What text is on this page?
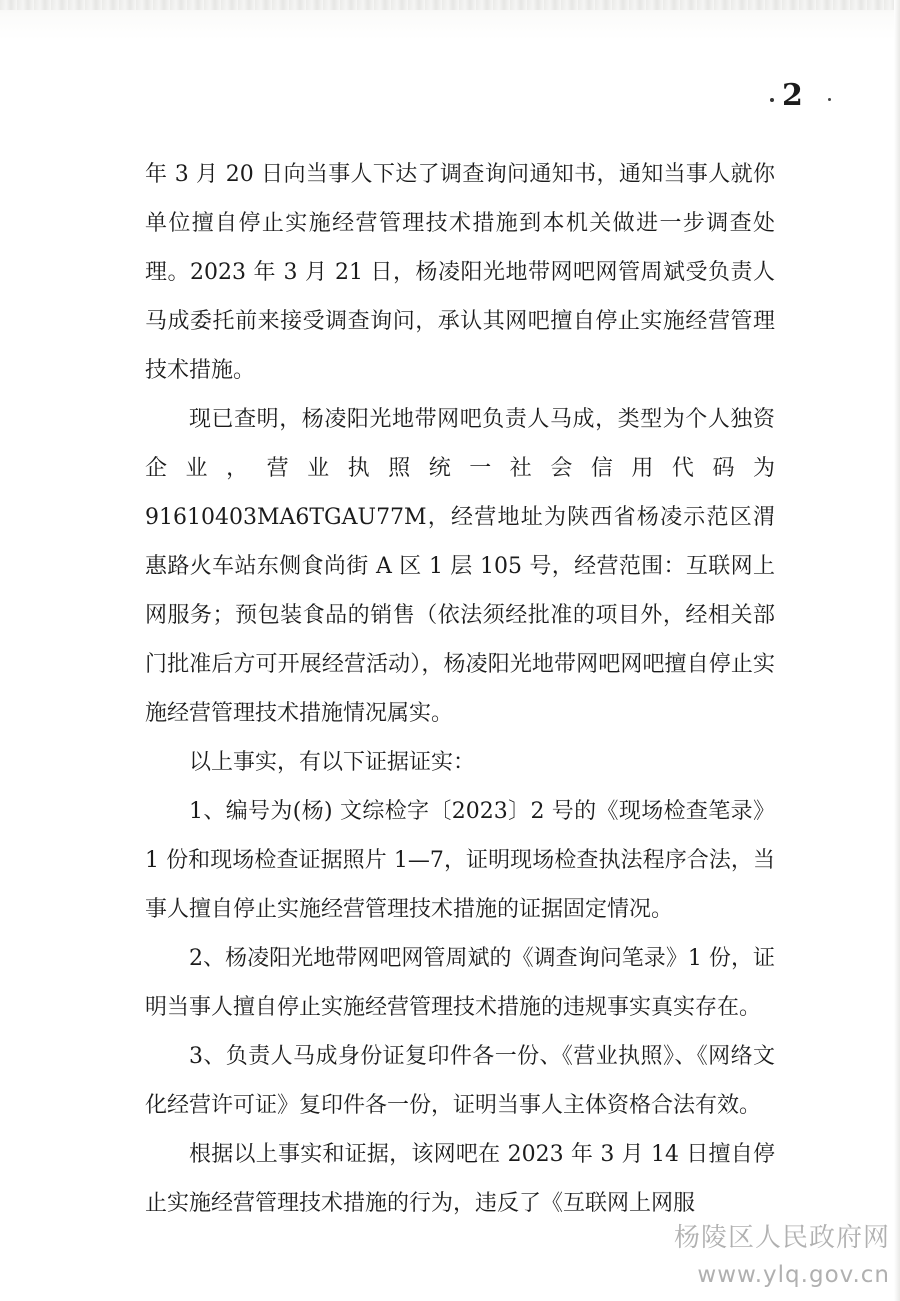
2

年 3 月 20 日向当事人下达了调查询问通知书，通知当事人就你单位擅自停止实施经营管理技术措施到本机关做进一步调查处理。2023 年 3 月 21 日，杨凌阳光地带网吧网管周斌受负责人马成委托前来接受调查询问，承认其网吧擅自停止实施经营管理技术措施。

现已查明，杨凌阳光地带网吧负责人马成，类型为个人独资企业，营业执照统一社会信用代码为 91610403MA6TGAU77M，经营地址为陕西省杨凌示范区渭惠路火车站东侧食尚街 A 区 1 层 105 号，经营范围：互联网上网服务；预包装食品的销售（依法须经批准的项目外，经相关部门批准后方可开展经营活动），杨凌阳光地带网吧网吧擅自停止实施经营管理技术措施情况属实。

以上事实，有以下证据证实：

1、编号为(杨) 文综检字〔2023〕2 号的《现场检查笔录》1 份和现场检查证据照片 1—7，证明现场检查执法程序合法，当事人擅自停止实施经营管理技术措施的证据固定情况。

2、杨凌阳光地带网吧网管周斌的《调查询问笔录》1 份，证明当事人擅自停止实施经营管理技术措施的违规事实真实存在。

3、负责人马成身份证复印件各一份、《营业执照》、《网络文化经营许可证》复印件各一份，证明当事人主体资格合法有效。

根据以上事实和证据，该网吧在 2023 年 3 月 14 日擅自停止实施经营管理技术措施的行为，违反了《互联网上网服

杨陵区人民政府网
www.ylq.gov.cn
